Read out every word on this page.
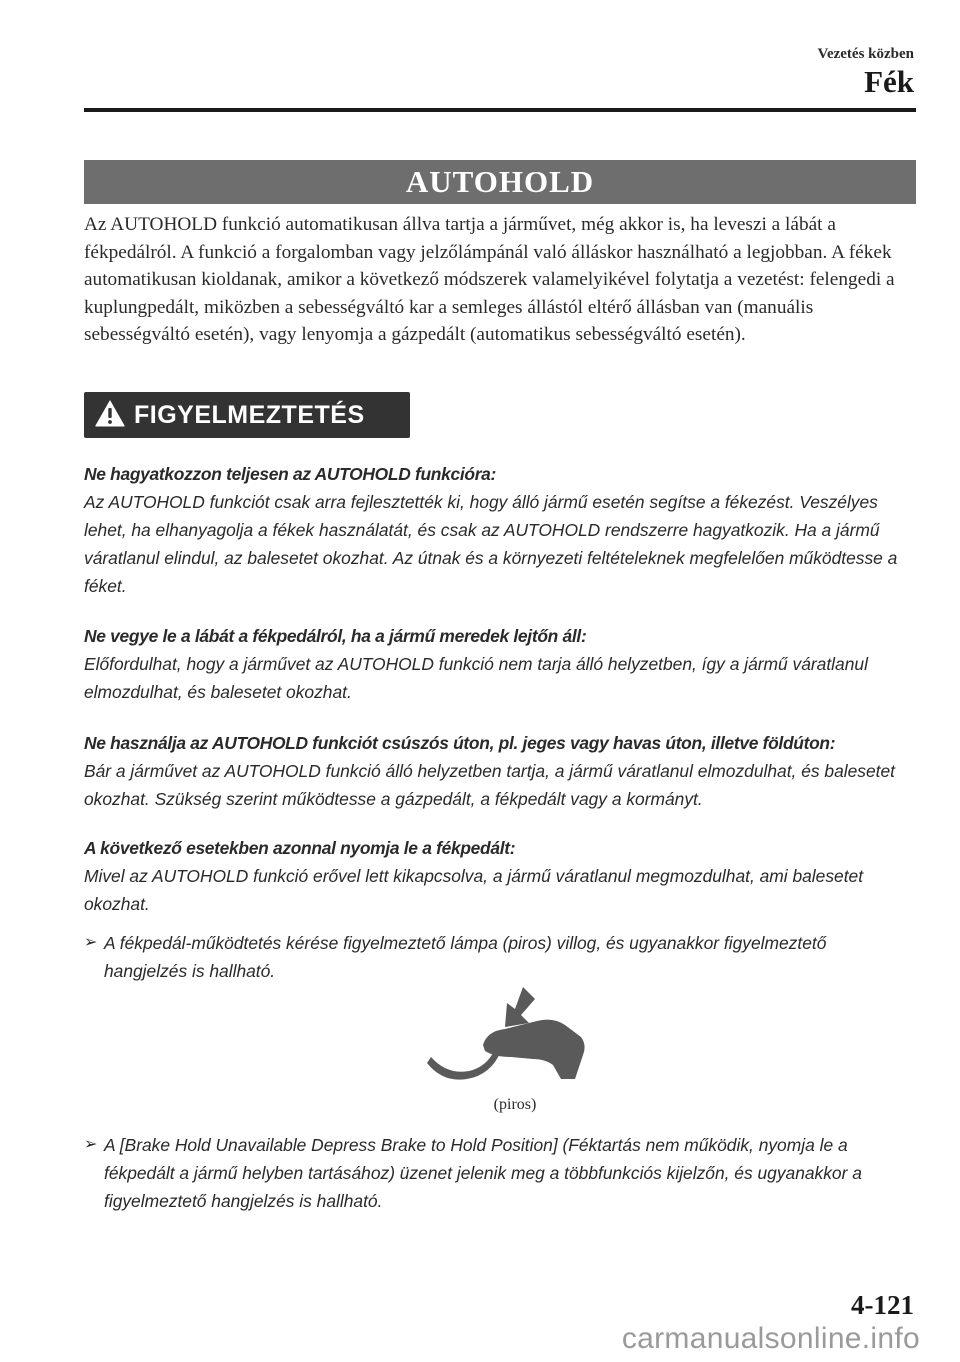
Vezetés közben
Fék
AUTOHOLD
Az AUTOHOLD funkció automatikusan állva tartja a járművet, még akkor is, ha leveszi a lábát a fékpedálról. A funkció a forgalomban vagy jelzőlámpánál való álláskor használható a legjobban. A fékek automatikusan kioldanak, amikor a következő módszerek valamelyikével folytatja a vezetést: felengedi a kuplungpedált, miközben a sebességváltó kar a semleges állástól eltérő állásban van (manuális sebességváltó esetén), vagy lenyomja a gázpedált (automatikus sebességváltó esetén).
FIGYELMEZTETÉS
Ne hagyatkozzon teljesen az AUTOHOLD funkcióra:
Az AUTOHOLD funkciót csak arra fejlesztették ki, hogy álló jármű esetén segítse a fékezést. Veszélyes lehet, ha elhanyagolja a fékek használatát, és csak az AUTOHOLD rendszerre hagyatkozik. Ha a jármű váratlanul elindul, az balesetet okozhat. Az útnak és a környezeti feltételeknek megfelelően működtesse a féket.
Ne vegye le a lábát a fékpedálról, ha a jármű meredek lejtőn áll:
Előfordulhat, hogy a járművet az AUTOHOLD funkció nem tarja álló helyzetben, így a jármű váratlanul elmozdulhat, és balesetet okozhat.
Ne használja az AUTOHOLD funkciót csúszós úton, pl. jeges vagy havas úton, illetve földúton:
Bár a járművet az AUTOHOLD funkció álló helyzetben tartja, a jármű váratlanul elmozdulhat, és balesetet okozhat. Szükség szerint működtesse a gázpedált, a fékpedált vagy a kormányt.
A következő esetekben azonnal nyomja le a fékpedált:
Mivel az AUTOHOLD funkció erővel lett kikapcsolva, a jármű váratlanul megmozdulhat, ami balesetet okozhat.
➢ A fékpedál-működtetés kérése ﬁgyelmeztető lámpa (piros) villog, és ugyanakkor ﬁgyelmeztető hangjelzés is hallható.
(piros)
➢ A [Brake Hold Unavailable Depress Brake to Hold Position] (Féktartás nem működik, nyomja le a fékpedált a jármű helyben tartásához) üzenet jelenik meg a többfunkciós kijelzőn, és ugyanakkor a ﬁgyelmeztető hangjelzés is hallható.
4-121
carmanualsonline.info
